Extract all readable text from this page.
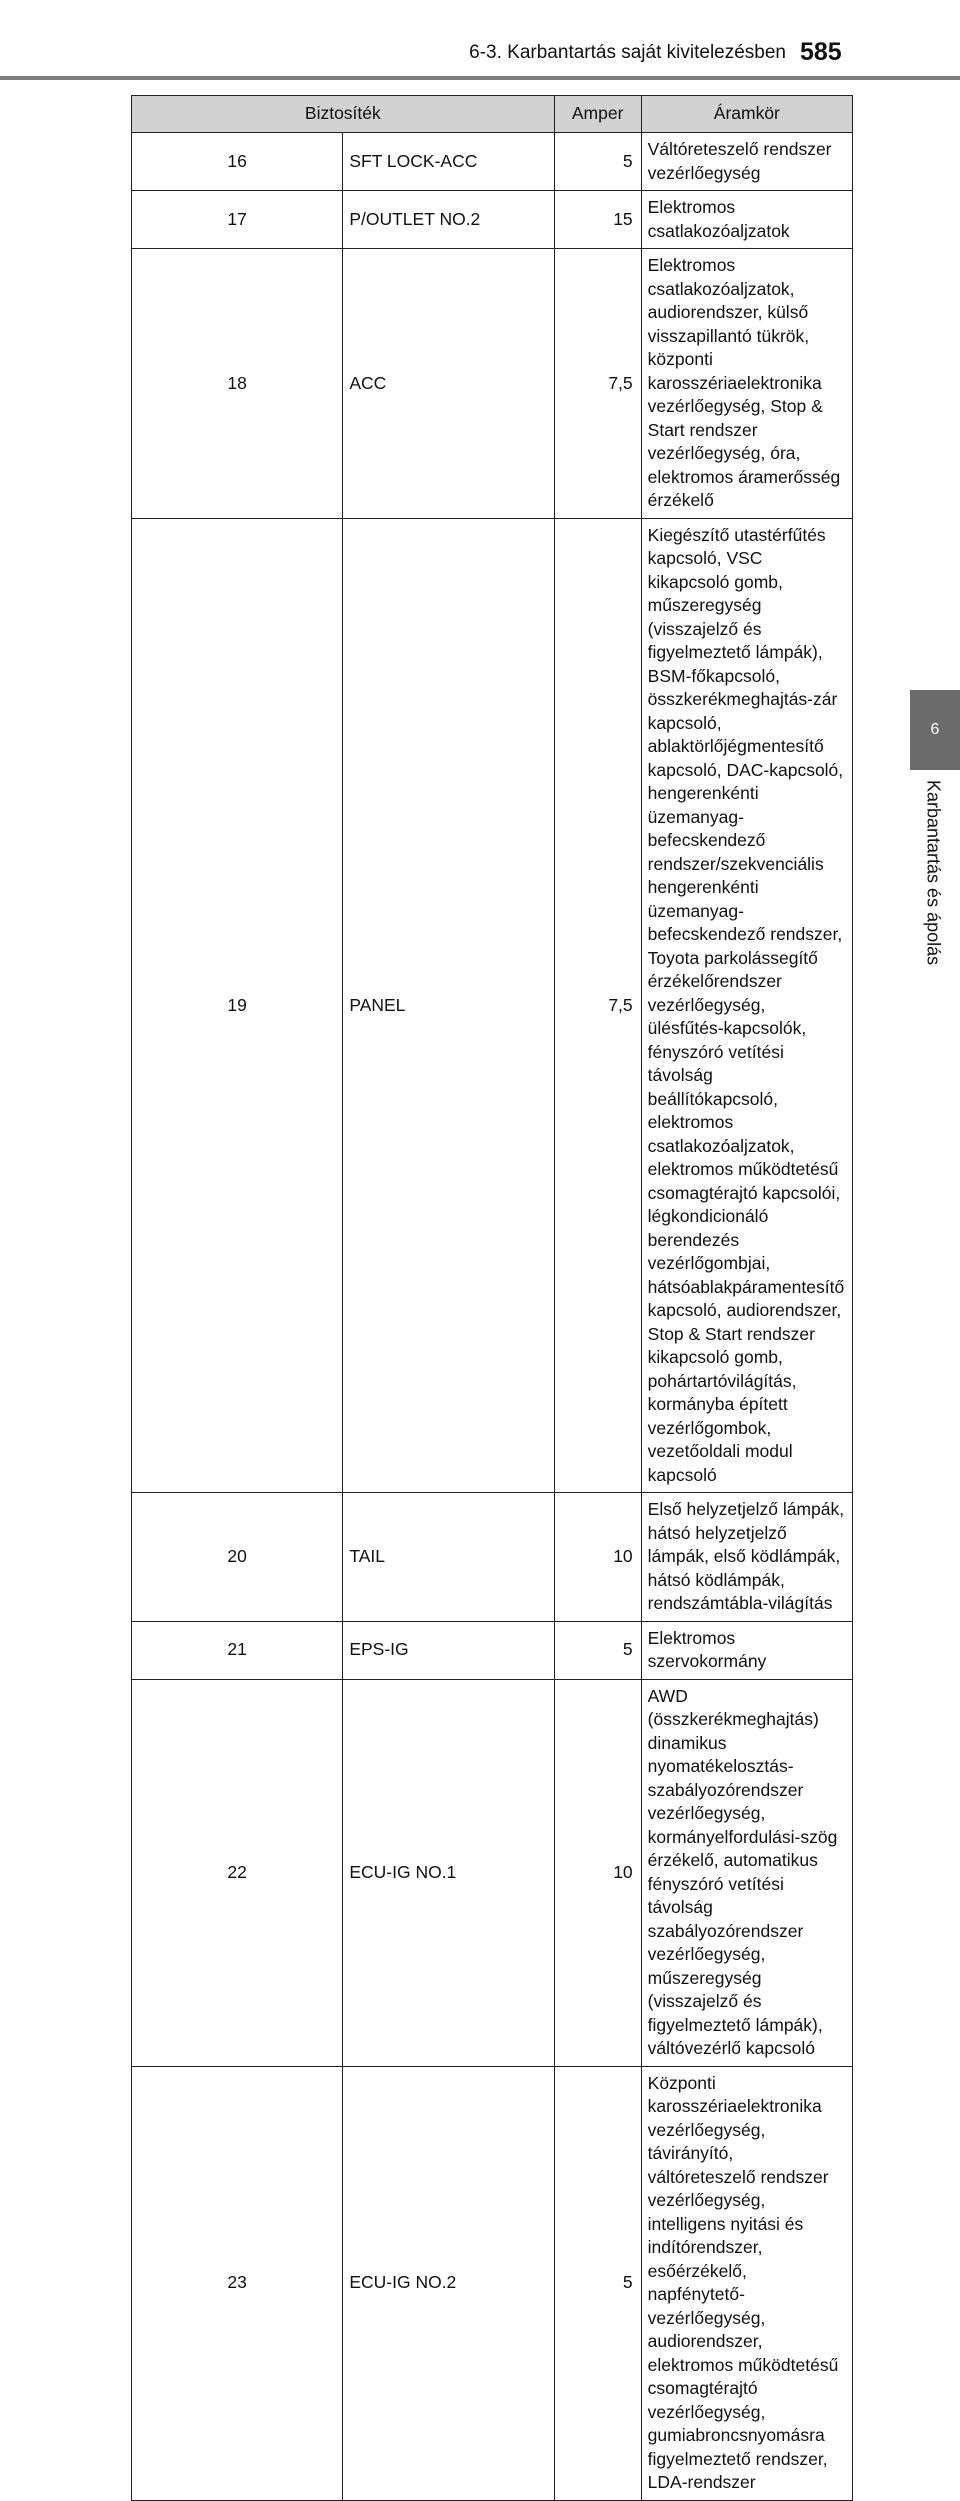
6-3. Karbantartás saját kivitelezésben 585
6
Karbantartás és ápolás
Biztosíték		Amper	Áramkör
16	SFT LOCK-ACC	5	Váltóreteszelő rendszer vezérlőegység
17	P/OUTLET NO.2	15	Elektromos csatlakozóaljzatok
18	ACC	7,5	Elektromos csatlakozóaljzatok, audiorendszer, külső visszapillantó tükrök, központi karosszériaelektronika vezérlőegység, Stop & Start rendszer vezérlőegység, óra, elektromos áramerősség érzékelő
19	PANEL	7,5	Kiegészítő utastérfűtés kapcsoló, VSC kikapcsoló gomb, műszeregység (visszajelző és figyelmeztető lámpák), BSM-főkapcsoló, összkerékmeghajtás-zár kapcsoló, ablaktörlőjégmentesítő kapcsoló, DAC-kapcsoló, hengerenkénti üzemanyag-befecskendező rendszer/szekvenciális hengerenkénti üzemanyag-befecskendező rendszer, Toyota parkolássegítő érzékelőrendszer vezérlőegység, ülésfűtés-kapcsolók, fényszóró vetítési távolság beállítókapcsoló, elektromos csatlakozóaljzatok, elektromos működtetésű csomagtérajtó kapcsolói, légkondicionáló berendezés vezérlőgombjai, hátsóablakpáramentesítő kapcsoló, audiorendszer, Stop & Start rendszer kikapcsoló gomb, pohártartóvilágítás, kormányba épített vezérlőgombok, vezetőoldali modul kapcsoló
20	TAIL	10	Első helyzetjelző lámpák, hátsó helyzetjelző lámpák, első ködlámpák, hátsó ködlámpák, rendszámtábla-világítás
21	EPS-IG	5	Elektromos szervokormány
22	ECU-IG NO.1	10	AWD (összkerékmeghajtás) dinamikus nyomatékelosztás-szabályozórendszer vezérlőegység, kormányelfordulási-szög érzékelő, automatikus fényszóró vetítési távolság szabályozórendszer vezérlőegység, műszeregység (visszajelző és figyelmeztető lámpák), váltóvezérlő kapcsoló
23	ECU-IG NO.2	5	Központi karosszériaelektronika vezérlőegység, távirányító, váltóreteszelő rendszer vezérlőegység, intelligens nyitási és indítórendszer, esőérzékelő, napfénytető-vezérlőegység, audiorendszer, elektromos működtetésű csomagtérajtó vezérlőegység, gumiabroncsnyomásra figyelmeztető rendszer, LDA-rendszer
